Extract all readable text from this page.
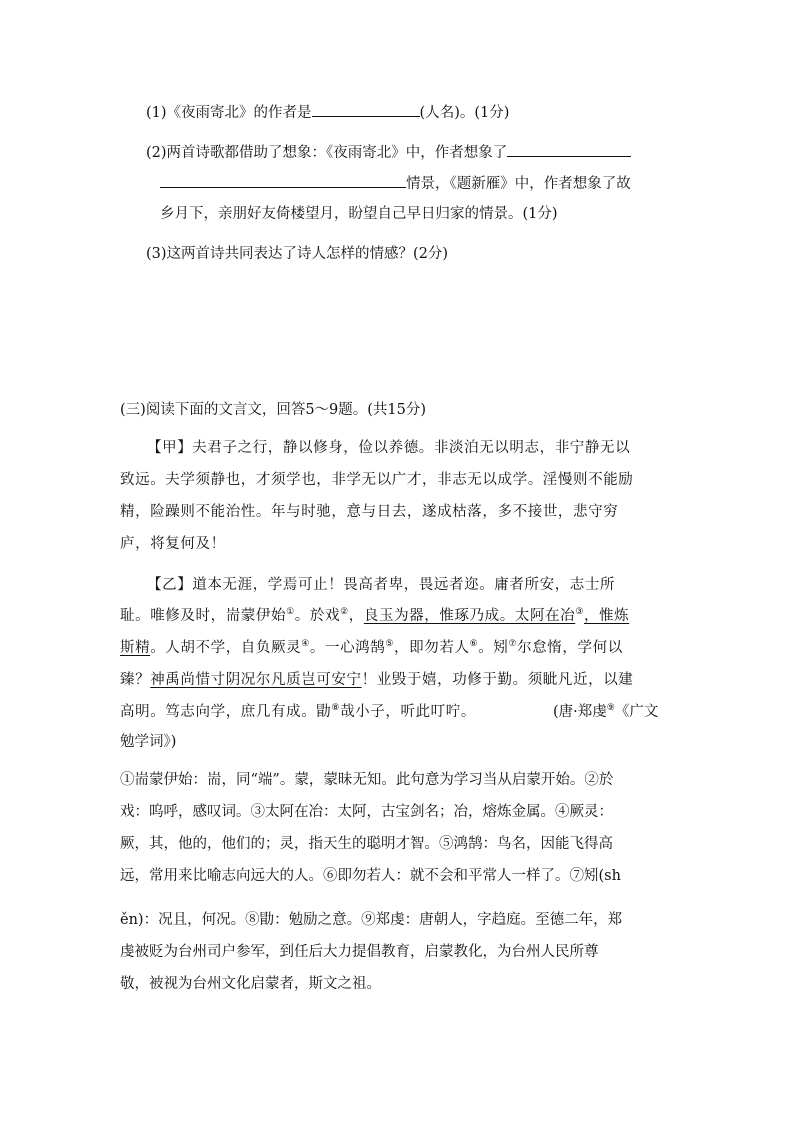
(1)《夜雨寄北》的作者是	(人名)。(1分)
(2)两首诗歌都借助了想象：《夜雨寄北》中，作者想象了
情景，《题新雁》中，作者想象了故
乡月下，亲朋好友倚楼望月，盼望自己早日归家的情景。(1分)
(3)这两首诗共同表达了诗人怎样的情感？(2分)
(三)阅读下面的文言文，回答5～9题。(共15分)
【甲】夫君子之行，静以修身，俭以养德。非淡泊无以明志，非宁静无以
致远。夫学须静也，才须学也，非学无以广才，非志无以成学。淫慢则不能励
精，险躁则不能治性。年与时驰，意与日去，遂成枯落，多不接世，悲守穷
庐，将复何及！
【乙】道本无涯，学焉可止！畏高者卑，畏远者迩。庸者所安，志士所
耻。唯修及时，耑蒙伊始①。於戏②，良玉为器，惟琢乃成。太阿在冶③，惟炼
斯精。人胡不学，自负厥灵④。一心鸿鹄⑤，即勿若人⑥。矧⑦尔怠惰，学何以
臻？神禹尚惜寸阴况尔凡质岂可安宁！业毁于嬉，功修于勤。须眦凡近，以建
高明。笃志向学，庶几有成。勖⑧哉小子，听此叮咛。	(唐·郑虔⑨《广文
勉学词》)
①耑蒙伊始：耑，同“端”。蒙，蒙昧无知。此句意为学习当从启蒙开始。②於
戏：呜呼，感叹词。③太阿在冶：太阿，古宝剑名；冶，熔炼金属。④厥灵：
厥，其，他的，他们的；灵，指天生的聪明才智。⑤鸿鹄：鸟名，因能飞得高
远，常用来比喻志向远大的人。⑥即勿若人：就不会和平常人一样了。⑦矧(sh
ěn)：况且，何况。⑧勖：勉励之意。⑨郑虔：唐朝人，字趋庭。至德二年，郑
虔被贬为台州司户参军，到任后大力提倡教育，启蒙教化，为台州人民所尊
敬，被视为台州文化启蒙者，斯文之祖。
